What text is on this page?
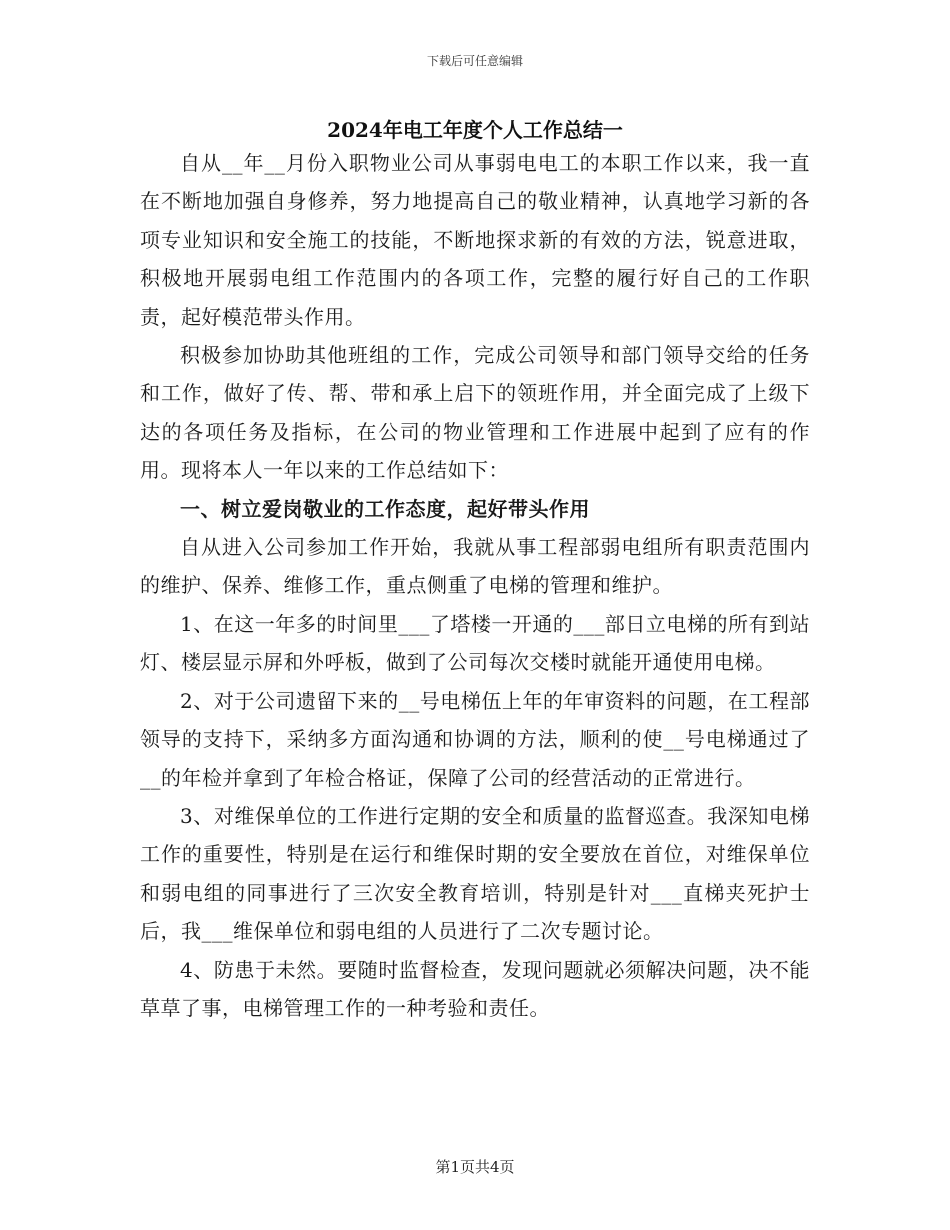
下载后可任意编辑
2024年电工年度个人工作总结一

自从__年__月份入职物业公司从事弱电电工的本职工作以来，我一直在不断地加强自身修养，努力地提高自己的敬业精神，认真地学习新的各项专业知识和安全施工的技能，不断地探求新的有效的方法，锐意进取，积极地开展弱电组工作范围内的各项工作，完整的履行好自己的工作职责，起好模范带头作用。

积极参加协助其他班组的工作，完成公司领导和部门领导交给的任务和工作，做好了传、帮、带和承上启下的领班作用，并全面完成了上级下达的各项任务及指标，在公司的物业管理和工作进展中起到了应有的作用。现将本人一年以来的工作总结如下：

一、树立爱岗敬业的工作态度，起好带头作用

自从进入公司参加工作开始，我就从事工程部弱电组所有职责范围内的维护、保养、维修工作，重点侧重了电梯的管理和维护。

1、在这一年多的时间里___了塔楼一开通的___部日立电梯的所有到站灯、楼层显示屏和外呼板，做到了公司每次交楼时就能开通使用电梯。

2、对于公司遗留下来的__号电梯伍上年的年审资料的问题，在工程部领导的支持下，采纳多方面沟通和协调的方法，顺利的使__号电梯通过了__的年检并拿到了年检合格证，保障了公司的经营活动的正常进行。

3、对维保单位的工作进行定期的安全和质量的监督巡查。我深知电梯工作的重要性，特别是在运行和维保时期的安全要放在首位，对维保单位和弱电组的同事进行了三次安全教育培训，特别是针对___直梯夹死护士后，我___维保单位和弱电组的人员进行了二次专题讨论。

4、防患于未然。要随时监督检查，发现问题就必须解决问题，决不能草草了事，电梯管理工作的一种考验和责任。

第1页共4页
